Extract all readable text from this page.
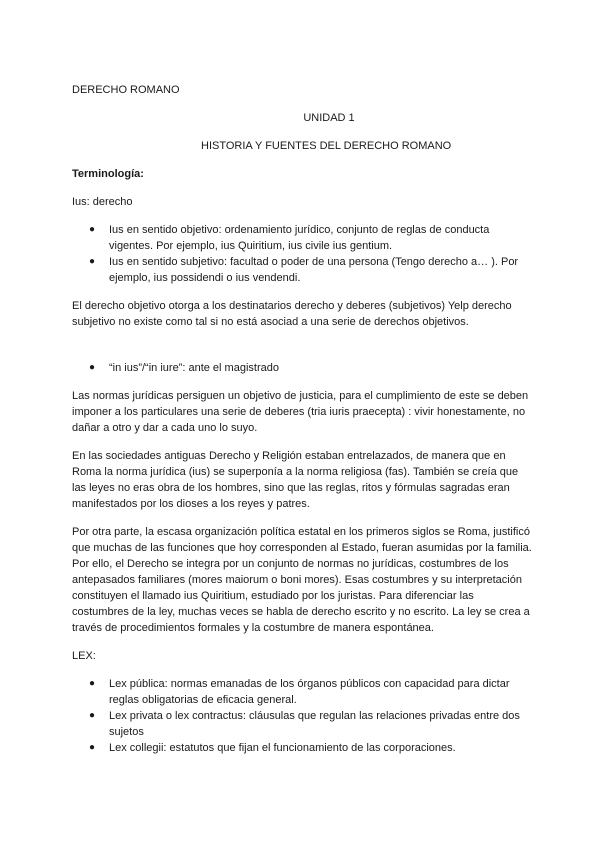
DERECHO ROMANO
UNIDAD 1
HISTORIA Y FUENTES DEL DERECHO ROMANO
Terminología:

Ius: derecho

● Ius en sentido objetivo: ordenamiento jurídico, conjunto de reglas de conducta vigentes. Por ejemplo, ius Quiritium, ius civile ius gentium.
● Ius en sentido subjetivo: facultad o poder de una persona (Tengo derecho a… ). Por ejemplo, ius possidendi o ius vendendi.

El derecho objetivo otorga a los destinatarios derecho y deberes (subjetivos) Yelp derecho subjetivo no existe como tal si no está asociad a una serie de derechos objetivos.

● “in ius”/“in iure”: ante el magistrado

Las normas jurídicas persiguen un objetivo de justicia, para el cumplimiento de este se deben imponer a los particulares una serie de deberes (tria iuris praecepta) : vivir honestamente, no dañar a otro y dar a cada uno lo suyo.

En las sociedades antiguas Derecho y Religión estaban entrelazados, de manera que en Roma la norma jurídica (ius) se superponía a la norma religiosa (fas). También se creía que las leyes no eras obra de los hombres, sino que las reglas, ritos y fórmulas sagradas eran manifestados por los dioses a los reyes y patres.

Por otra parte, la escasa organización política estatal en los primeros siglos se Roma, justificó que muchas de las funciones que hoy corresponden al Estado, fueran asumidas por la familia. Por ello, el Derecho se integra por un conjunto de normas no jurídicas, costumbres de los antepasados familiares (mores maiorum o boni mores). Esas costumbres y su interpretación constituyen el llamado ius Quiritium, estudiado por los juristas. Para diferenciar las costumbres de la ley, muchas veces se habla de derecho escrito y no escrito. La ley se crea a través de procedimientos formales y la costumbre de manera espontánea.

LEX:

● Lex pública: normas emanadas de los órganos públicos con capacidad para dictar reglas obligatorias de eficacia general.
● Lex privata o lex contractus: cláusulas que regulan las relaciones privadas entre dos sujetos
● Lex collegii: estatutos que fijan el funcionamiento de las corporaciones.
